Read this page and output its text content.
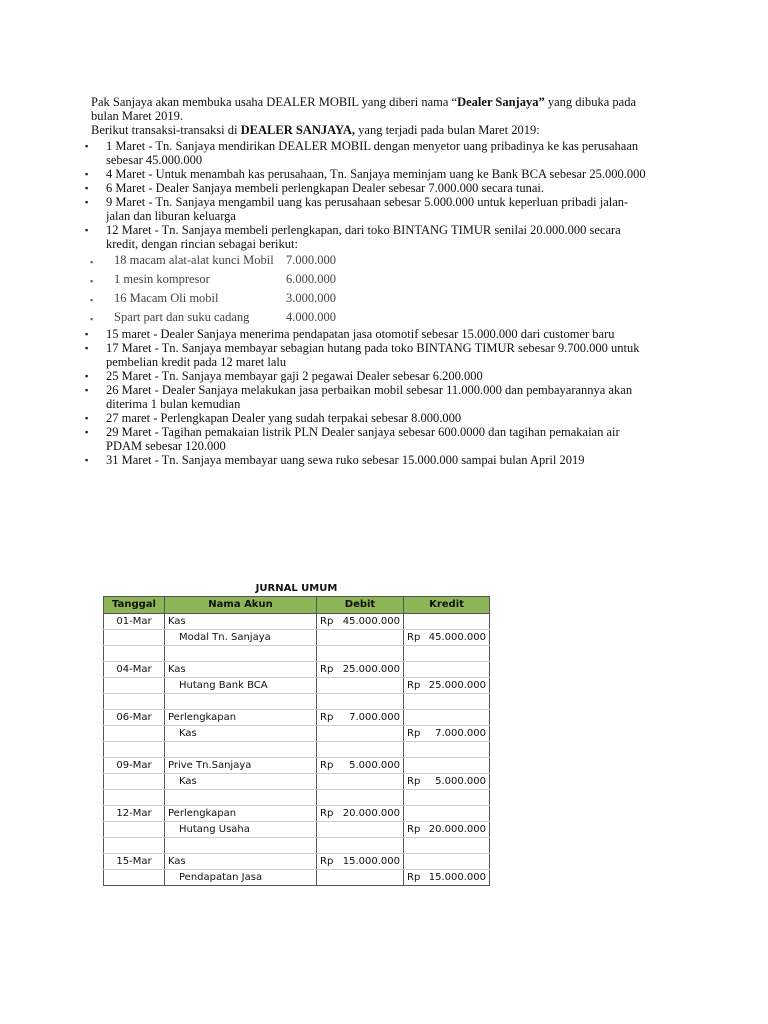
Pak Sanjaya akan membuka usaha DEALER MOBIL yang diberi nama “Dealer Sanjaya” yang dibuka pada
bulan Maret 2019.
Berikut transaksi-transaksi di DEALER SANJAYA, yang terjadi pada bulan Maret 2019:
▪ 1 Maret - Tn. Sanjaya mendirikan DEALER MOBIL dengan menyetor uang pribadinya ke kas perusahaan
sebesar 45.000.000
▪ 4 Maret - Untuk menambah kas perusahaan, Tn. Sanjaya meminjam uang ke Bank BCA sebesar 25.000.000
▪ 6 Maret - Dealer Sanjaya membeli perlengkapan Dealer sebesar 7.000.000 secara tunai.
▪ 9 Maret - Tn. Sanjaya mengambil uang kas perusahaan sebesar 5.000.000 untuk keperluan pribadi jalan-
jalan dan liburan keluarga
▪ 12 Maret - Tn. Sanjaya membeli perlengkapan, dari toko BINTANG TIMUR senilai 20.000.000 secara
kredit, dengan rincian sebagai berikut:
▪ 18 macam alat-alat kunci Mobil 7.000.000
▪ 1 mesin kompresor	6.000.000
▪ 16 Macam Oli mobil	3.000.000
▪ Spart part dan suku cadang	4.000.000
▪ 15 maret - Dealer Sanjaya menerima pendapatan jasa otomotif sebesar 15.000.000 dari customer baru
▪ 17 Maret - Tn. Sanjaya membayar sebagian hutang pada toko BINTANG TIMUR sebesar 9.700.000 untuk
pembelian kredit pada 12 maret lalu
▪ 25 Maret - Tn. Sanjaya membayar gaji 2 pegawai Dealer sebesar 6.200.000
▪ 26 Maret - Dealer Sanjaya melakukan jasa perbaikan mobil sebesar 11.000.000 dan pembayarannya akan
diterima 1 bulan kemudian
▪ 27 maret - Perlengkapan Dealer yang sudah terpakai sebesar 8.000.000
▪ 29 Maret - Tagihan pemakaian listrik PLN Dealer sanjaya sebesar 600.0000 dan tagihan pemakaian air
PDAM sebesar 120.000
▪ 31 Maret - Tn. Sanjaya membayar uang sewa ruko sebesar 15.000.000 sampai bulan April 2019
JURNAL UMUM			
Tanggal	Nama Akun	Debit	Kredit
01-Mar	Kas	Rp 45.000.000	

	Modal Tn. Sanjaya		Rp 45.000.000

04-Mar	Kas	Rp 25.000.000	

	Hutang Bank BCA		Rp 25.000.000

06-Mar	Perlengkapan	Rp 7.000.000	

	Kas		Rp 7.000.000

09-Mar	Prive Tn.Sanjaya	Rp 5.000.000	

	Kas		Rp 5.000.000

12-Mar	Perlengkapan	Rp 20.000.000	

	Hutang Usaha		Rp 20.000.000

15-Mar	Kas	Rp 15.000.000	

	Pendapatan Jasa		Rp 15.000.000
